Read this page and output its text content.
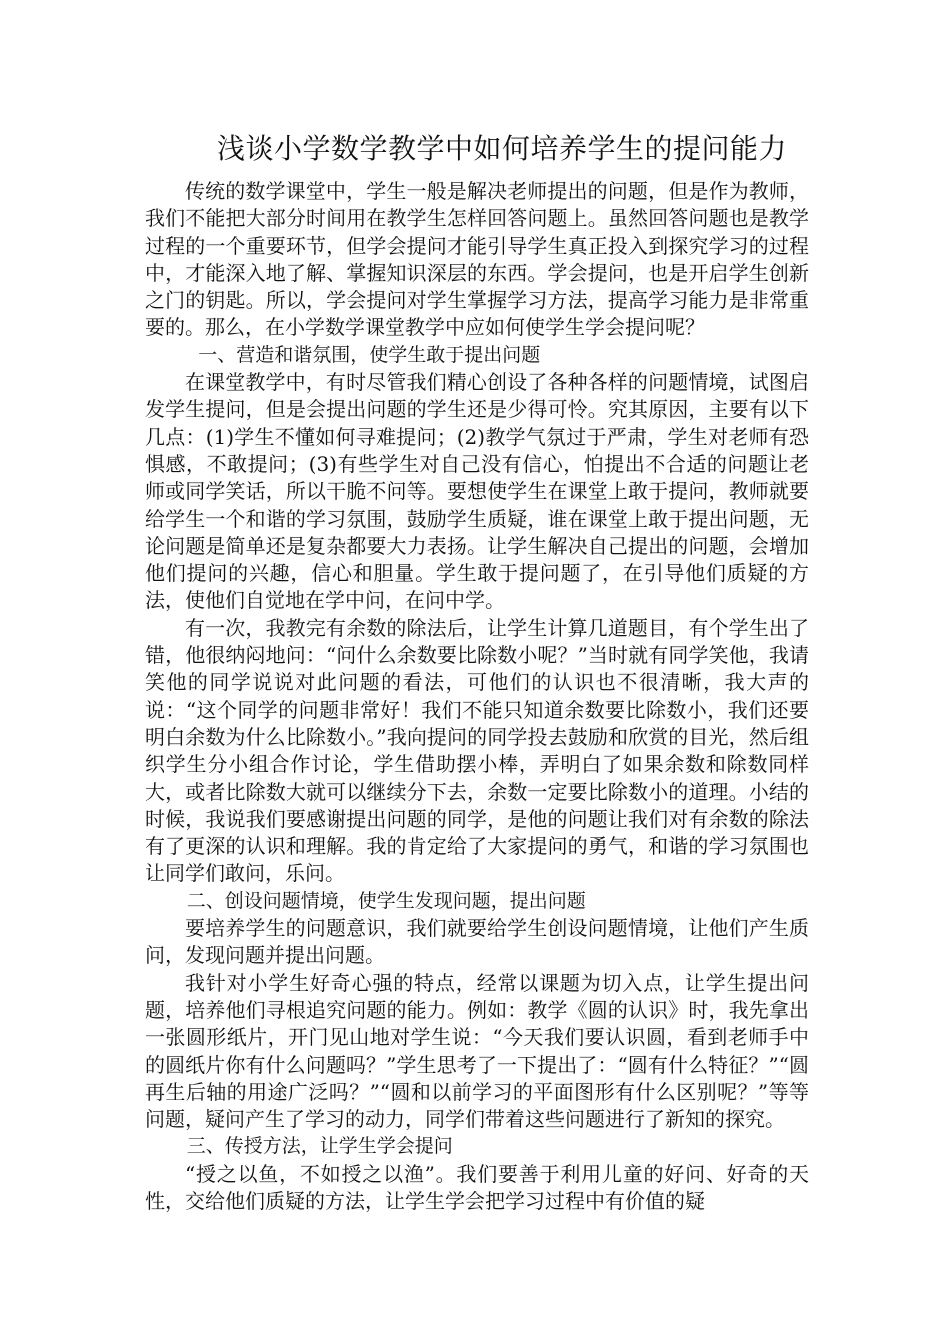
浅谈小学数学教学中如何培养学生的提问能力

传统的数学课堂中，学生一般是解决老师提出的问题，但是作为教师，我们不能把大部分时间用在教学生怎样回答问题上。虽然回答问题也是教学过程的一个重要环节，但学会提问才能引导学生真正投入到探究学习的过程中，才能深入地了解、掌握知识深层的东西。学会提问，也是开启学生创新之门的钥匙。所以，学会提问对学生掌握学习方法，提高学习能力是非常重要的。那么，在小学数学课堂教学中应如何使学生学会提问呢？

一、营造和谐氛围，使学生敢于提出问题

在课堂教学中，有时尽管我们精心创设了各种各样的问题情境，试图启发学生提问，但是会提出问题的学生还是少得可怜。究其原因，主要有以下几点：(1)学生不懂如何寻难提问；(2)教学气氛过于严肃，学生对老师有恐惧感，不敢提问；(3)有些学生对自己没有信心，怕提出不合适的问题让老师或同学笑话，所以干脆不问等。要想使学生在课堂上敢于提问，教师就要给学生一个和谐的学习氛围，鼓励学生质疑，谁在课堂上敢于提出问题，无论问题是简单还是复杂都要大力表扬。让学生解决自己提出的问题，会增加他们提问的兴趣，信心和胆量。学生敢于提问题了，在引导他们质疑的方法，使他们自觉地在学中问，在问中学。

有一次，我教完有余数的除法后，让学生计算几道题目，有个学生出了错，他很纳闷地问：“问什么余数要比除数小呢？”当时就有同学笑他，我请笑他的同学说说对此问题的看法，可他们的认识也不很清晰，我大声的说：“这个同学的问题非常好！我们不能只知道余数要比除数小，我们还要明白余数为什么比除数小。”我向提问的同学投去鼓励和欣赏的目光，然后组织学生分小组合作讨论，学生借助摆小棒，弄明白了如果余数和除数同样大，或者比除数大就可以继续分下去，余数一定要比除数小的道理。小结的时候，我说我们要感谢提出问题的同学，是他的问题让我们对有余数的除法有了更深的认识和理解。我的肯定给了大家提问的勇气，和谐的学习氛围也让同学们敢问，乐问。

二、创设问题情境，使学生发现问题，提出问题

要培养学生的问题意识，我们就要给学生创设问题情境，让他们产生质问，发现问题并提出问题。

我针对小学生好奇心强的特点，经常以课题为切入点，让学生提出问题，培养他们寻根追究问题的能力。例如：教学《圆的认识》时，我先拿出一张圆形纸片，开门见山地对学生说：“今天我们要认识圆，看到老师手中的圆纸片你有什么问题吗？”学生思考了一下提出了：“圆有什么特征？”“圆再生后轴的用途广泛吗？”“圆和以前学习的平面图形有什么区别呢？”等等问题，疑问产生了学习的动力，同学们带着这些问题进行了新知的探究。

三、传授方法，让学生学会提问

“授之以鱼，不如授之以渔”。我们要善于利用儿童的好问、好奇的天性，交给他们质疑的方法，让学生学会把学习过程中有价值的疑
